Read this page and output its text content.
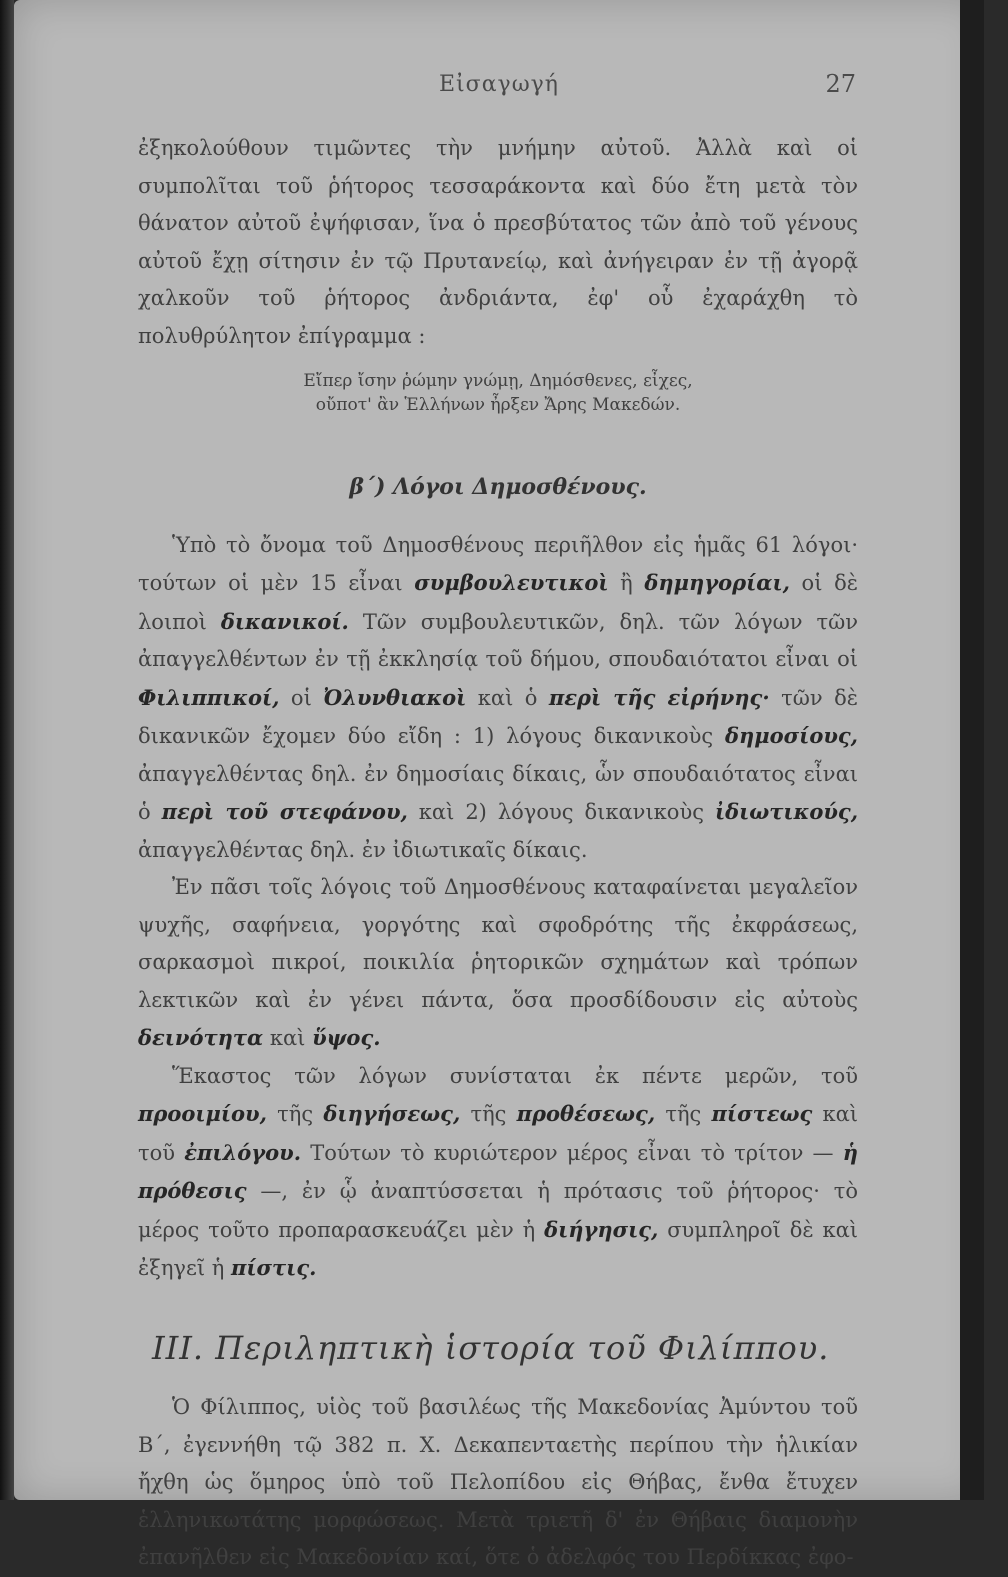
Εἰσαγωγή	27

ἐξηκολούθουν τιμῶντες τὴν μνήμην αὐτοῦ. Ἀλλὰ καὶ οἱ συμπολῖται τοῦ ῥήτορος τεσσαράκοντα καὶ δύο ἔτη μετὰ τὸν θάνατον αὐτοῦ ἐψήφισαν, ἵνα ὁ πρεσβύτατος τῶν ἀπὸ τοῦ γένους αὐτοῦ ἔχῃ σίτησιν ἐν τῷ Πρυτανείῳ, καὶ ἀνήγειραν ἐν τῇ ἀγορᾷ χαλκοῦν τοῦ ῥήτορος ἀνδριάντα, ἐφ' οὗ ἐχαράχθη τὸ πολυθρύλητον ἐπίγραμμα :

Εἴπερ ἴσην ῥώμην γνώμῃ, Δημόσθενες, εἶχες,
οὔποτ' ἂν Ἑλλήνων ἦρξεν Ἄρης Μακεδών.
β΄) Λόγοι Δημοσθένους.

Ὑπὸ τὸ ὄνομα τοῦ Δημοσθένους περιῆλθον εἰς ἡμᾶς 61 λόγοι· τούτων οἱ μὲν 15 εἶναι συμβουλευτικοὶ ἢ δημηγορίαι, οἱ δὲ λοιποὶ δικανικοί. Τῶν συμβουλευτικῶν, δηλ. τῶν λόγων τῶν ἀπαγγελθέντων ἐν τῇ ἐκκλησίᾳ τοῦ δήμου, σπουδαιότατοι εἶναι οἱ Φιλιππικοί, οἱ Ὀλυνθιακοὶ καὶ ὁ περὶ τῆς εἰρήνης· τῶν δὲ δικανικῶν ἔχομεν δύο εἴδη : 1) λόγους δικανικοὺς δημοσίους, ἀπαγγελθέντας δηλ. ἐν δημοσίαις δίκαις, ὧν σπουδαιότατος εἶναι ὁ περὶ τοῦ στεφάνου, καὶ 2) λόγους δικανικοὺς ἰδιωτικούς, ἀπαγγελθέντας δηλ. ἐν ἰδιωτικαῖς δίκαις.

Ἐν πᾶσι τοῖς λόγοις τοῦ Δημοσθένους καταφαίνεται μεγαλεῖον ψυχῆς, σαφήνεια, γοργότης καὶ σφοδρότης τῆς ἐκφράσεως, σαρκασμοὶ πικροί, ποικιλία ῥητορικῶν σχημάτων καὶ τρόπων λεκτικῶν καὶ ἐν γένει πάντα, ὅσα προσδίδουσιν εἰς αὐτοὺς δεινότητα καὶ ὕψος.

Ἕκαστος τῶν λόγων συνίσταται ἐκ πέντε μερῶν, τοῦ προοιμίου, τῆς διηγήσεως, τῆς προθέσεως, τῆς πίστεως καὶ τοῦ ἐπιλόγου. Τούτων τὸ κυριώτερον μέρος εἶναι τὸ τρίτον — ἡ πρόθεσις —, ἐν ᾧ ἀναπτύσσεται ἡ πρότασις τοῦ ῥήτορος· τὸ μέρος τοῦτο προπαρασκευάζει μὲν ἡ διήγησις, συμπληροῖ δὲ καὶ ἐξηγεῖ ἡ πίστις.

ΙΙΙ. Περιληπτικὴ ἱστορία τοῦ Φιλίππου.

Ὁ Φίλιππος, υἱὸς τοῦ βασιλέως τῆς Μακεδονίας Ἀμύντου τοῦ Β΄, ἐγεννήθη τῷ 382 π. Χ. Δεκαπενταετὴς περίπου τὴν ἡλικίαν ἤχθη ὡς ὅμηρος ὑπὸ τοῦ Πελοπίδου εἰς Θήβας, ἔνθα ἔτυχεν ἑλληνικωτάτης μορφώσεως. Μετὰ τριετῆ δ' ἐν Θήβαις διαμονὴν ἐπανῆλθεν εἰς Μακεδονίαν καί, ὅτε ὁ ἀδελφός του Περδίκκας ἐφο-
